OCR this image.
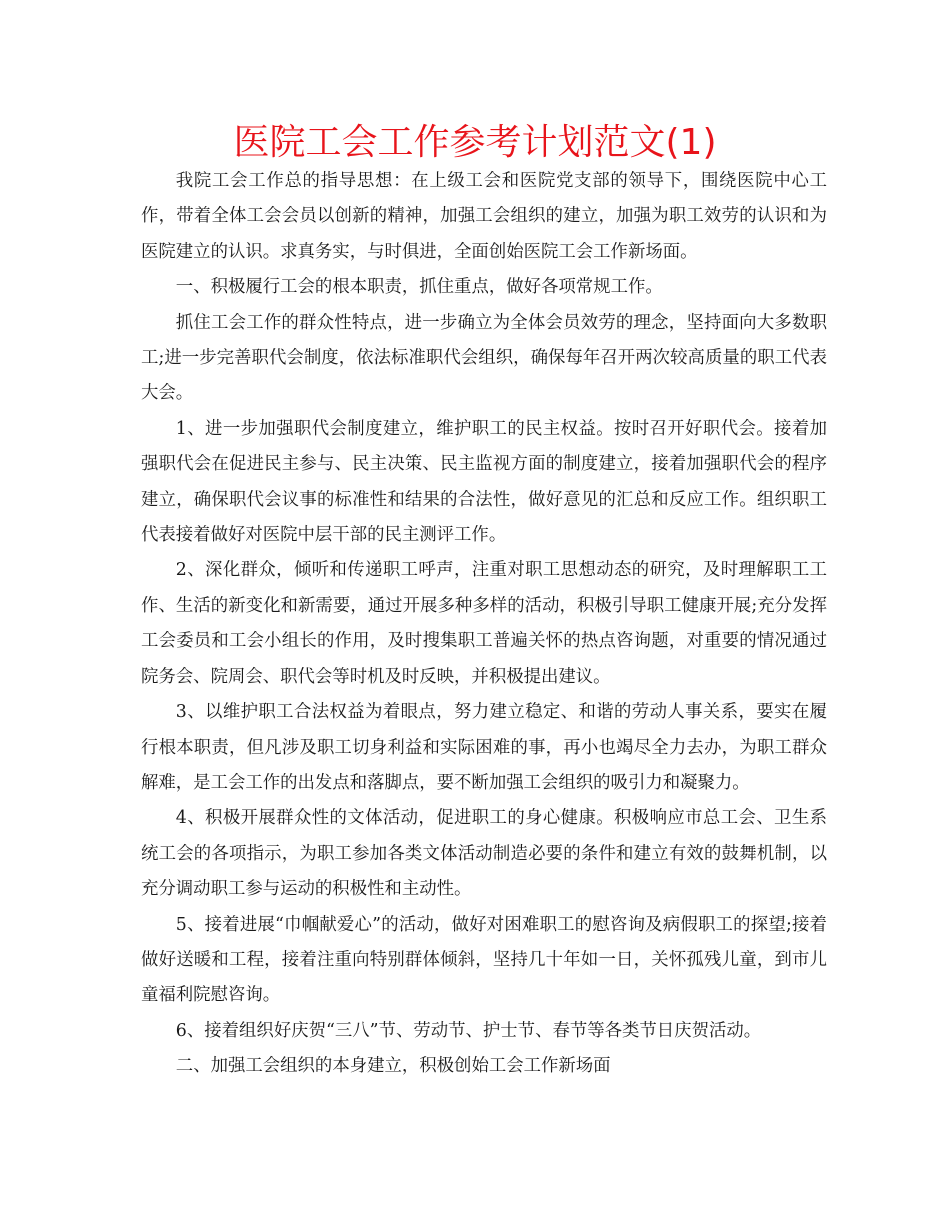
医院工会工作参考计划范文(1)

我院工会工作总的指导思想：在上级工会和医院党支部的领导下，围绕医院中心工作，带着全体工会会员以创新的精神，加强工会组织的建立，加强为职工效劳的认识和为医院建立的认识。求真务实，与时俱进，全面创始医院工会工作新场面。

一、积极履行工会的根本职责，抓住重点，做好各项常规工作。

抓住工会工作的群众性特点，进一步确立为全体会员效劳的理念，坚持面向大多数职工;进一步完善职代会制度，依法标准职代会组织，确保每年召开两次较高质量的职工代表大会。

1、进一步加强职代会制度建立，维护职工的民主权益。按时召开好职代会。接着加强职代会在促进民主参与、民主决策、民主监视方面的制度建立，接着加强职代会的程序建立，确保职代会议事的标准性和结果的合法性，做好意见的汇总和反应工作。组织职工代表接着做好对医院中层干部的民主测评工作。

2、深化群众，倾听和传递职工呼声，注重对职工思想动态的研究，及时理解职工工作、生活的新变化和新需要，通过开展多种多样的活动，积极引导职工健康开展;充分发挥工会委员和工会小组长的作用，及时搜集职工普遍关怀的热点咨询题，对重要的情况通过院务会、院周会、职代会等时机及时反映，并积极提出建议。

3、以维护职工合法权益为着眼点，努力建立稳定、和谐的劳动人事关系，要实在履行根本职责，但凡涉及职工切身利益和实际困难的事，再小也竭尽全力去办，为职工群众解难，是工会工作的出发点和落脚点，要不断加强工会组织的吸引力和凝聚力。

4、积极开展群众性的文体活动，促进职工的身心健康。积极响应市总工会、卫生系统工会的各项指示，为职工参加各类文体活动制造必要的条件和建立有效的鼓舞机制，以充分调动职工参与运动的积极性和主动性。

5、接着进展“巾帼献爱心”的活动，做好对困难职工的慰咨询及病假职工的探望;接着做好送暖和工程，接着注重向特别群体倾斜，坚持几十年如一日，关怀孤残儿童，到市儿童福利院慰咨询。

6、接着组织好庆贺“三八”节、劳动节、护士节、春节等各类节日庆贺活动。

二、加强工会组织的本身建立，积极创始工会工作新场面
